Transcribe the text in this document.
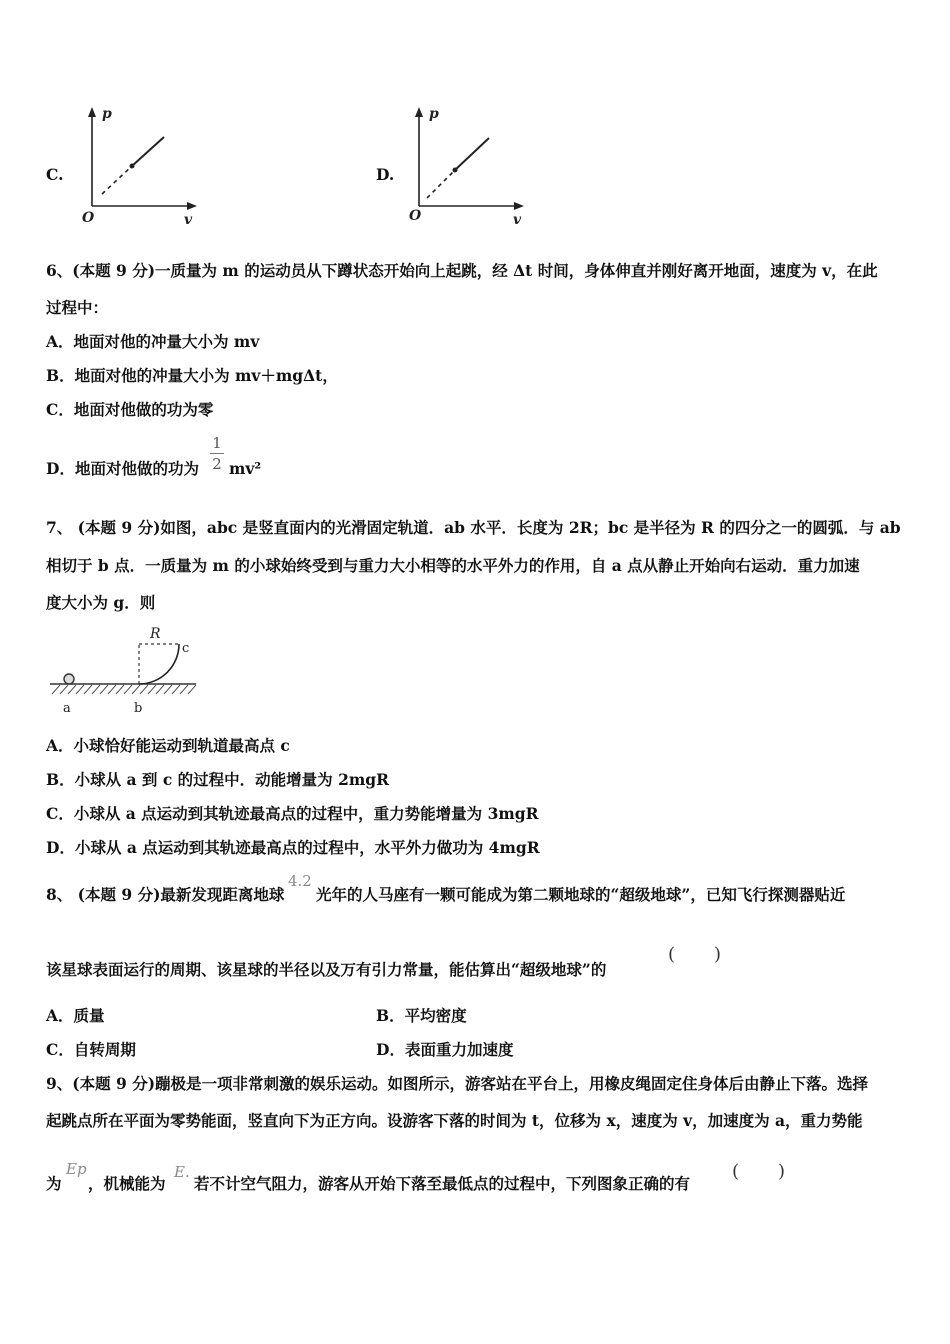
C.
p
O	v
D.
p
O	v
6、(本题 9 分)一质量为 m 的运动员从下蹲状态开始向上起跳，经 Δt 时间，身体伸直并刚好离开地面，速度为 v，在此
过程中：
A．地面对他的冲量大小为 mv
B．地面对他的冲量大小为 mv＋mgΔt，
C．地面对他做的功为零
D．地面对他做的功为
1
2 mv²
7、 (本题 9 分)如图，abc 是竖直面内的光滑固定轨道．ab 水平．长度为 2R；bc 是半径为 R 的四分之一的圆弧．与 ab
相切于 b 点．一质量为 m 的小球始终受到与重力大小相等的水平外力的作用，自 a 点从静止开始向右运动．重力加速
度大小为 g．则
R
c
a	b
A．小球恰好能运动到轨道最高点 c
B．小球从 a 到 c 的过程中．动能增量为 2mgR
C．小球从 a 点运动到其轨迹最高点的过程中，重力势能增量为 3mgR
D．小球从 a 点运动到其轨迹最高点的过程中，水平外力做功为 4mgR
8、 (本题 9 分)最新发现距离地球
4.2
光年的人马座有一颗可能成为第二颗地球的“超级地球”，已知飞行探测器贴近
该星球表面运行的周期、该星球的半径以及万有引力常量，能估算出“超级地球”的
( )
A．质量	B．平均密度
C．自转周期	D．表面重力加速度
9、(本题 9 分)蹦极是一项非常刺激的娱乐运动。如图所示，游客站在平台上，用橡皮绳固定住身体后由静止下落。选择
起跳点所在平面为零势能面，竖直向下为正方向。设游客下落的时间为 t，位移为 x，速度为 v，加速度为 a，重力势能
为
Ep
，机械能为
E.
若不计空气阻力，游客从开始下落至最低点的过程中，下列图象正确的有
( )
